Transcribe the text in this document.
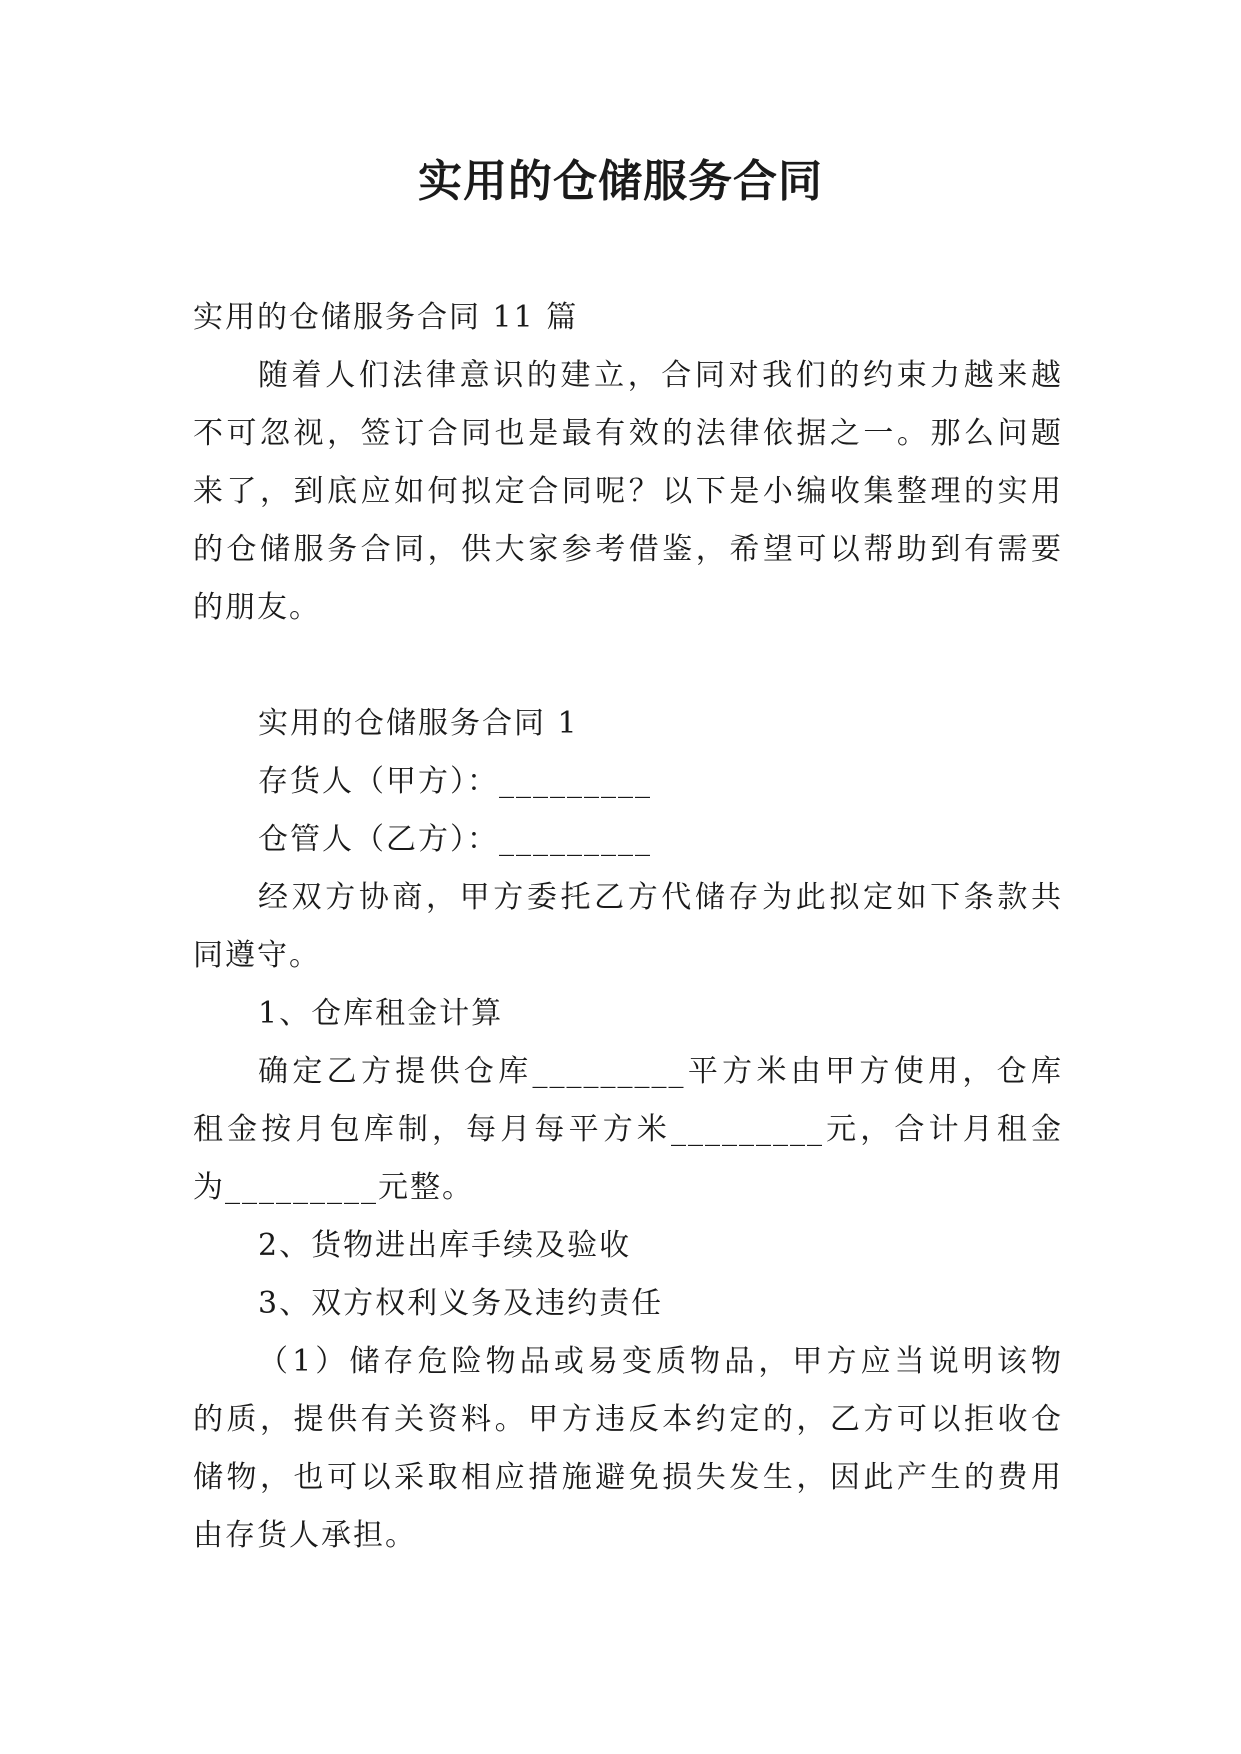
实用的仓储服务合同
实用的仓储服务合同 11 篇
随着人们法律意识的建立，合同对我们的约束力越来越
不可忽视，签订合同也是最有效的法律依据之一。那么问题
来了，到底应如何拟定合同呢？以下是小编收集整理的实用
的仓储服务合同，供大家参考借鉴，希望可以帮助到有需要
的朋友。
实用的仓储服务合同 1
存货人（甲方）：_________
仓管人（乙方）：_________
经双方协商，甲方委托乙方代储存为此拟定如下条款共
同遵守。
1、仓库租金计算
确定乙方提供仓库_________平方米由甲方使用，仓库
租金按月包库制，每月每平方米_________元，合计月租金
为_________元整。
2、货物进出库手续及验收
3、双方权利义务及违约责任
（1）储存危险物品或易变质物品，甲方应当说明该物
的质，提供有关资料。甲方违反本约定的，乙方可以拒收仓
储物，也可以采取相应措施避免损失发生，因此产生的费用
由存货人承担。
